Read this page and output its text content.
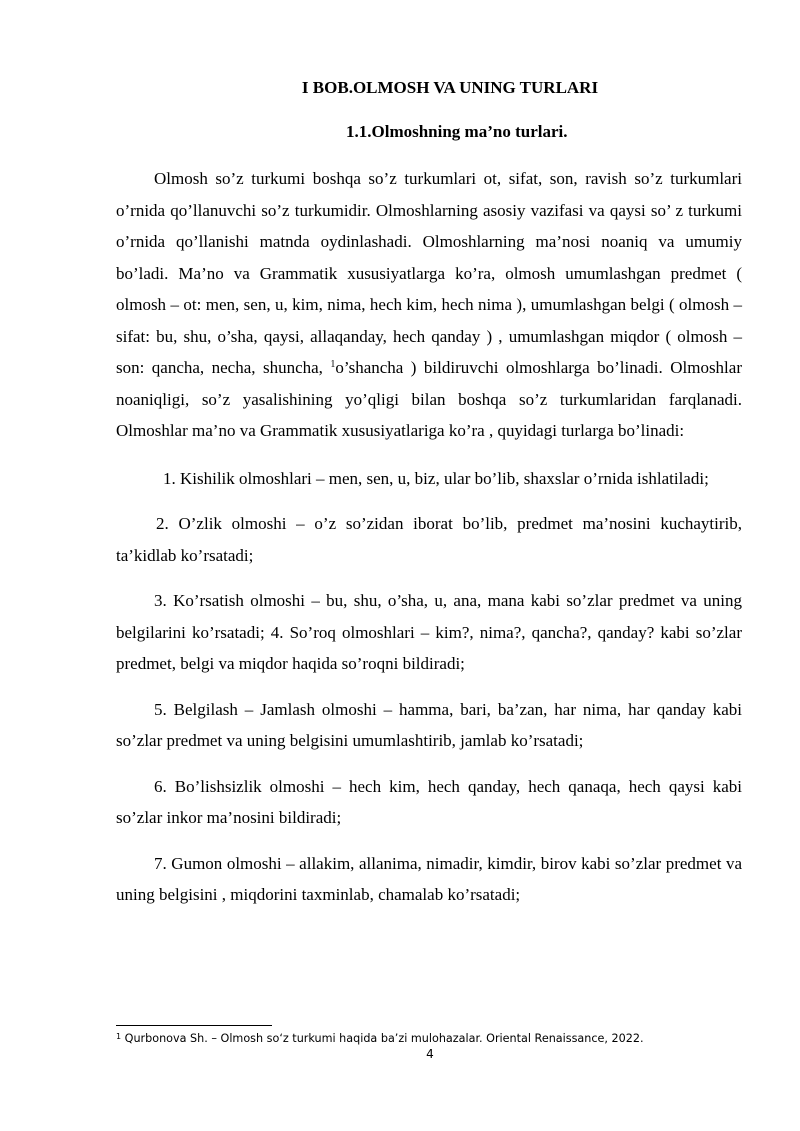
I BOB.OLMOSH VA UNING TURLARI
1.1.Olmoshning ma’no turlari.

Olmosh so’z turkumi boshqa so’z turkumlari ot, sifat, son, ravish so’z turkumlari o’rnida qo’llanuvchi so’z turkumidir. Olmoshlarning asosiy vazifasi va qaysi so’ z turkumi o’rnida qo’llanishi matnda oydinlashadi. Olmoshlarning ma’nosi noaniq va umumiy bo’ladi. Ma’no va Grammatik xususiyatlarga ko’ra, olmosh umumlashgan predmet ( olmosh – ot: men, sen, u, kim, nima, hech kim, hech nima ), umumlashgan belgi ( olmosh – sifat: bu, shu, o’sha, qaysi, allaqanday, hech qanday ) , umumlashgan miqdor ( olmosh – son: qancha, necha, shuncha, $^1$o’shancha ) bildiruvchi olmoshlarga bo’linadi. Olmoshlar noaniqligi, so’z yasalishining yo’qligi bilan boshqa so’z turkumlaridan farqlanadi. Olmoshlar ma’no va Grammatik xususiyatlariga ko’ra , quyidagi turlarga bo’linadi:

1. Kishilik olmoshlari – men, sen, u, biz, ular bo’lib, shaxslar o’rnida ishlatiladi;

2. O’zlik olmoshi – o’z so’zidan iborat bo’lib, predmet ma’nosini kuchaytirib, ta’kidlab ko’rsatadi;

3. Ko’rsatish olmoshi – bu, shu, o’sha, u, ana, mana kabi so’zlar predmet va uning belgilarini ko’rsatadi; 4. So’roq olmoshlari – kim?, nima?, qancha?, qanday? kabi so’zlar predmet, belgi va miqdor haqida so’roqni bildiradi;

5. Belgilash – Jamlash olmoshi – hamma, bari, ba’zan, har nima, har qanday kabi so’zlar predmet va uning belgisini umumlashtirib, jamlab ko’rsatadi;

6. Bo’lishsizlik olmoshi – hech kim, hech qanday, hech qanaqa, hech qaysi kabi so’zlar inkor ma’nosini bildiradi;

7. Gumon olmoshi – allakim, allanima, nimadir, kimdir, birov kabi so’zlar predmet va uning belgisini , miqdorini taxminlab, chamalab ko’rsatadi;

$^1$ Qurbonova Sh. – Olmosh so‘z turkumi haqida ba’zi mulohazalar. Oriental Renaissance, 2022.
4
